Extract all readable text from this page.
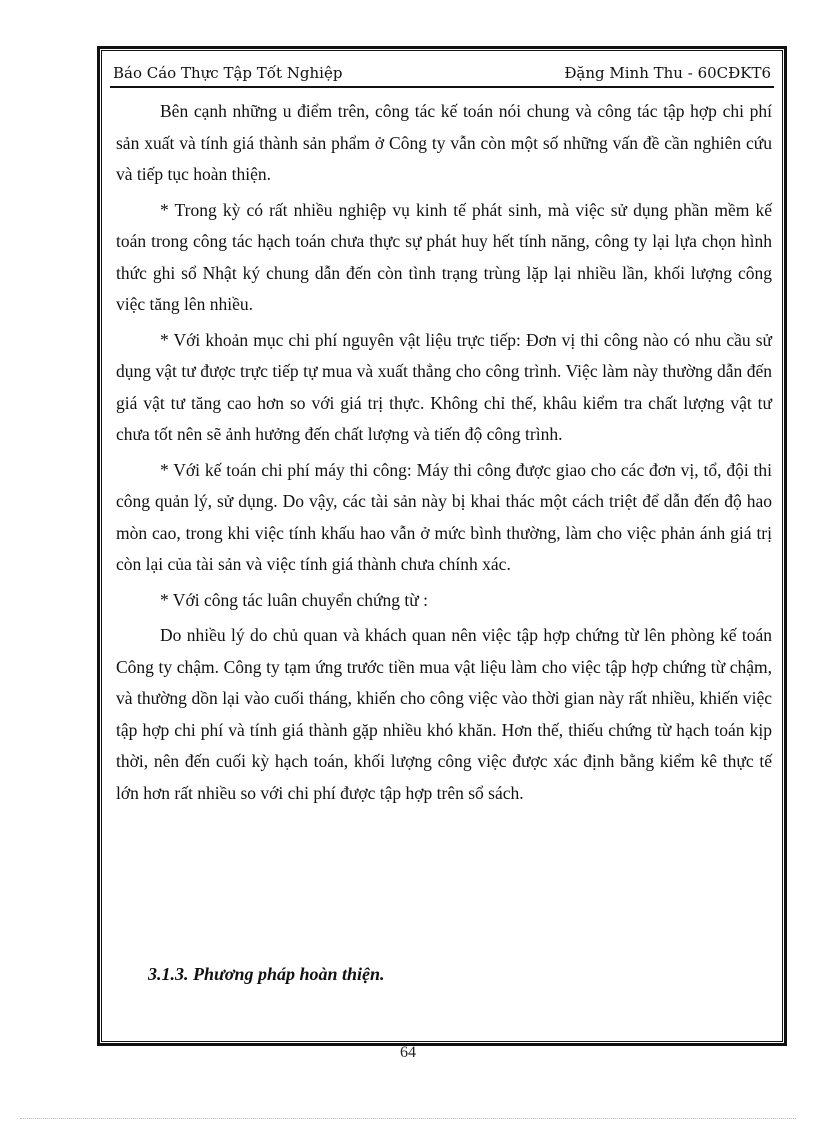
Báo Cáo Thực Tập Tốt Nghiệp	Đặng Minh Thu - 60CĐKT6

Bên cạnh những u điểm trên, công tác kế toán nói chung và công tác tập hợp chi phí sản xuất và tính giá thành sản phẩm ở Công ty vẫn còn một số những vấn đề cần nghiên cứu và tiếp tục hoàn thiện.

* Trong kỳ có rất nhiều nghiệp vụ kinh tế phát sinh, mà việc sử dụng phần mềm kế toán trong công tác hạch toán chưa thực sự phát huy hết tính năng, công ty lại lựa chọn hình thức ghi sổ Nhật ký chung dẫn đến còn tình trạng trùng lặp lại nhiều lần, khối lượng công việc tăng lên nhiều.

* Với khoản mục chi phí nguyên vật liệu trực tiếp: Đơn vị thi công nào có nhu cầu sử dụng vật tư được trực tiếp tự mua và xuất thẳng cho công trình. Việc làm này thường dẫn đến giá vật tư tăng cao hơn so với giá trị thực. Không chỉ thế, khâu kiểm tra chất lượng vật tư chưa tốt nên sẽ ảnh hưởng đến chất lượng và tiến độ công trình.

* Với kế toán chi phí máy thi công: Máy thi công được giao cho các đơn vị, tổ, đội thi công quản lý, sử dụng. Do vậy, các tài sản này bị khai thác một cách triệt để dẫn đến độ hao mòn cao, trong khi việc tính khấu hao vẫn ở mức bình thường, làm cho việc phản ánh giá trị còn lại của tài sản và việc tính giá thành chưa chính xác.

* Với công tác luân chuyển chứng từ :

Do nhiều lý do chủ quan và khách quan nên việc tập hợp chứng từ lên phòng kế toán Công ty chậm. Công ty tạm ứng trước tiền mua vật liệu làm cho việc tập hợp chứng từ chậm, và thường dồn lại vào cuối tháng, khiến cho công việc vào thời gian này rất nhiều, khiến việc tập hợp chi phí và tính giá thành gặp nhiều khó khăn. Hơn thế, thiếu chứng từ hạch toán kịp thời, nên đến cuối kỳ hạch toán, khối lượng công việc được xác định bằng kiểm kê thực tế lớn hơn rất nhiều so với chi phí được tập hợp trên sổ sách.

3.1.3. Phương pháp hoàn thiện.
64
